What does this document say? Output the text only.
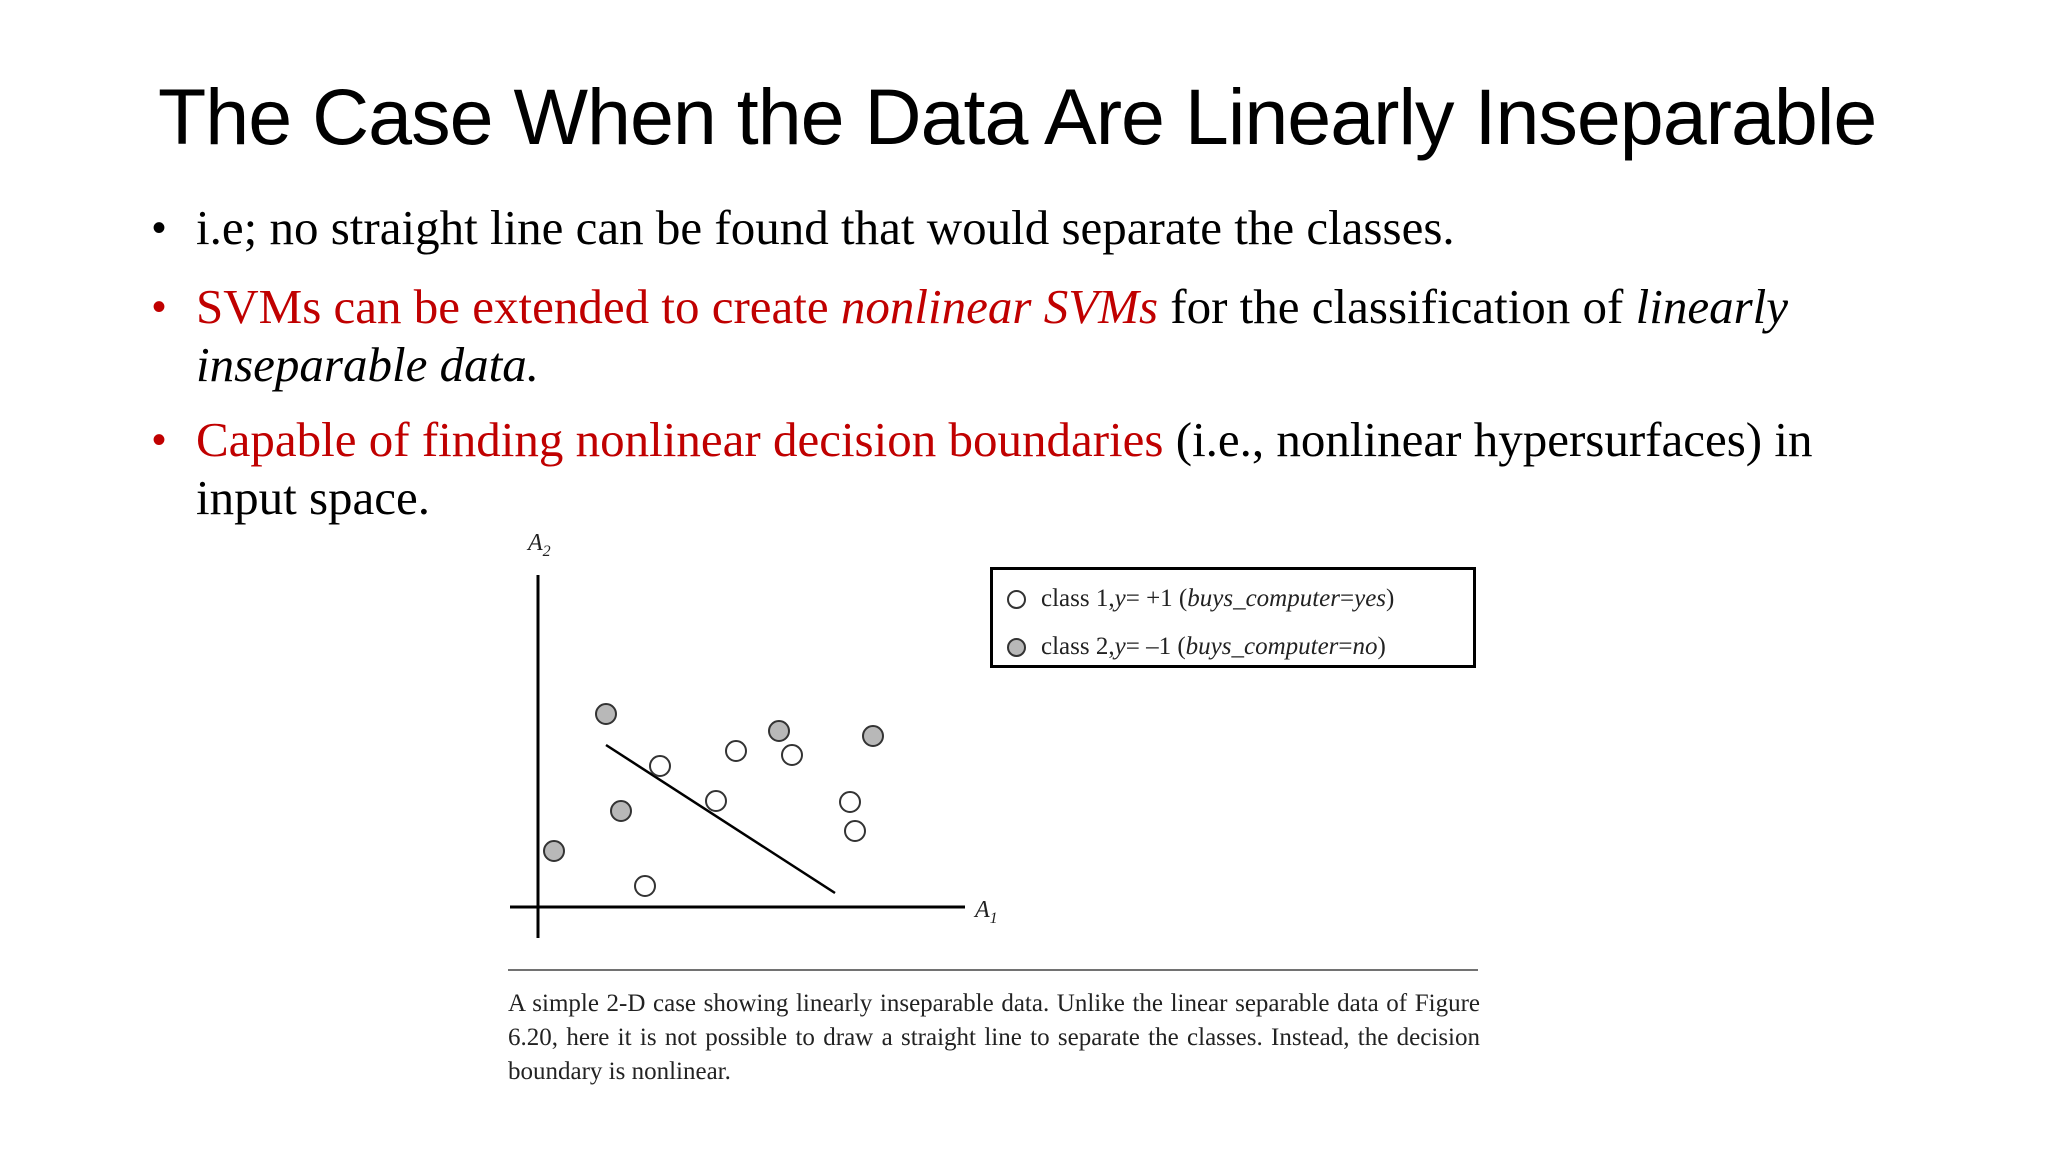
The Case When the Data Are Linearly Inseparable
• i.e; no straight line can be found that would separate the classes.
• SVMs can be extended to create nonlinear SVMs for the classification of linearly
inseparable data.
• Capable of finding nonlinear decision boundaries (i.e., nonlinear hypersurfaces) in
input space.
$A_2$
$A_1$
class 1, y = +1 ( buys_computer = yes )
class 2, y = –1 ( buys_computer = no )
A simple 2-D case showing linearly inseparable data. Unlike the linear separable data of Figure 6.20, here it is not possible to draw a straight line to separate the classes. Instead, the decision boundary is nonlinear.
